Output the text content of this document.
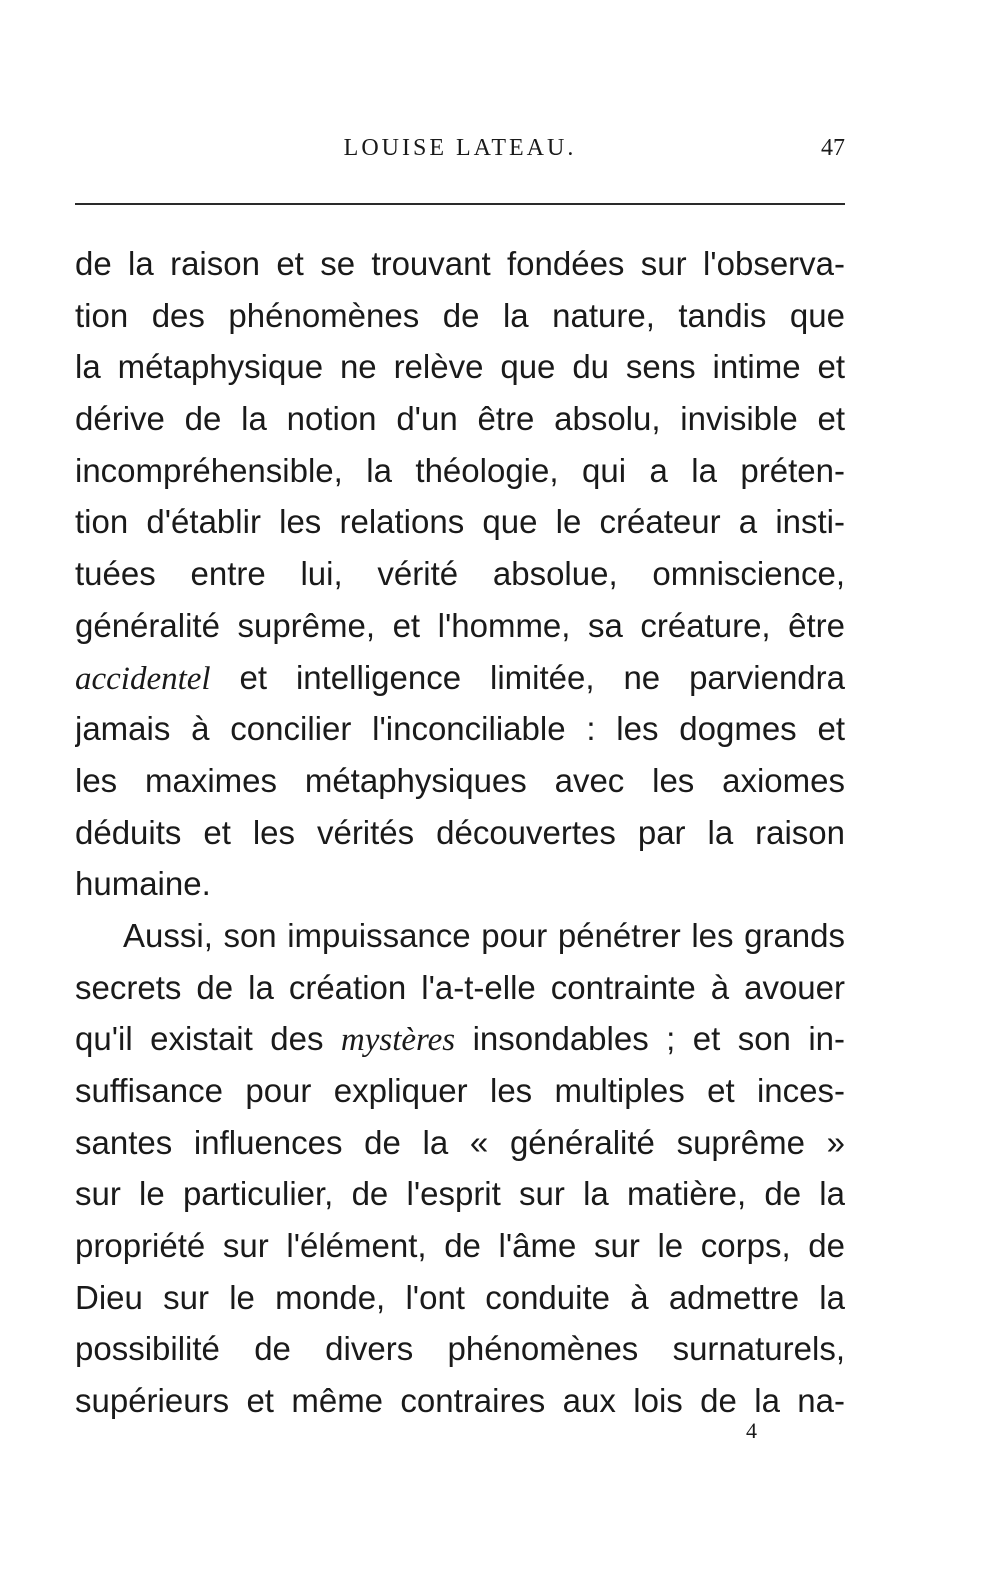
LOUISE LATEAU.	47
de la raison et se trouvant fondées sur l'observa-
tion des phénomènes de la nature, tandis que
la métaphysique ne relève que du sens intime et
dérive de la notion d'un être absolu, invisible et
incompréhensible, la théologie, qui a la préten-
tion d'établir les relations que le créateur a insti-
tuées entre lui, vérité absolue, omniscience,
généralité suprême, et l'homme, sa créature, être
accidentel et intelligence limitée, ne parviendra
jamais à concilier l'inconciliable : les dogmes et
les maximes métaphysiques avec les axiomes
déduits et les vérités découvertes par la raison
humaine.
Aussi, son impuissance pour pénétrer les grands
secrets de la création l'a-t-elle contrainte à avouer
qu'il existait des mystères insondables ; et son in-
suffisance pour expliquer les multiples et inces-
santes influences de la « généralité suprême »
sur le particulier, de l'esprit sur la matière, de la
propriété sur l'élément, de l'âme sur le corps, de
Dieu sur le monde, l'ont conduite à admettre la
possibilité de divers phénomènes surnaturels,
supérieurs et même contraires aux lois de la na-
4
